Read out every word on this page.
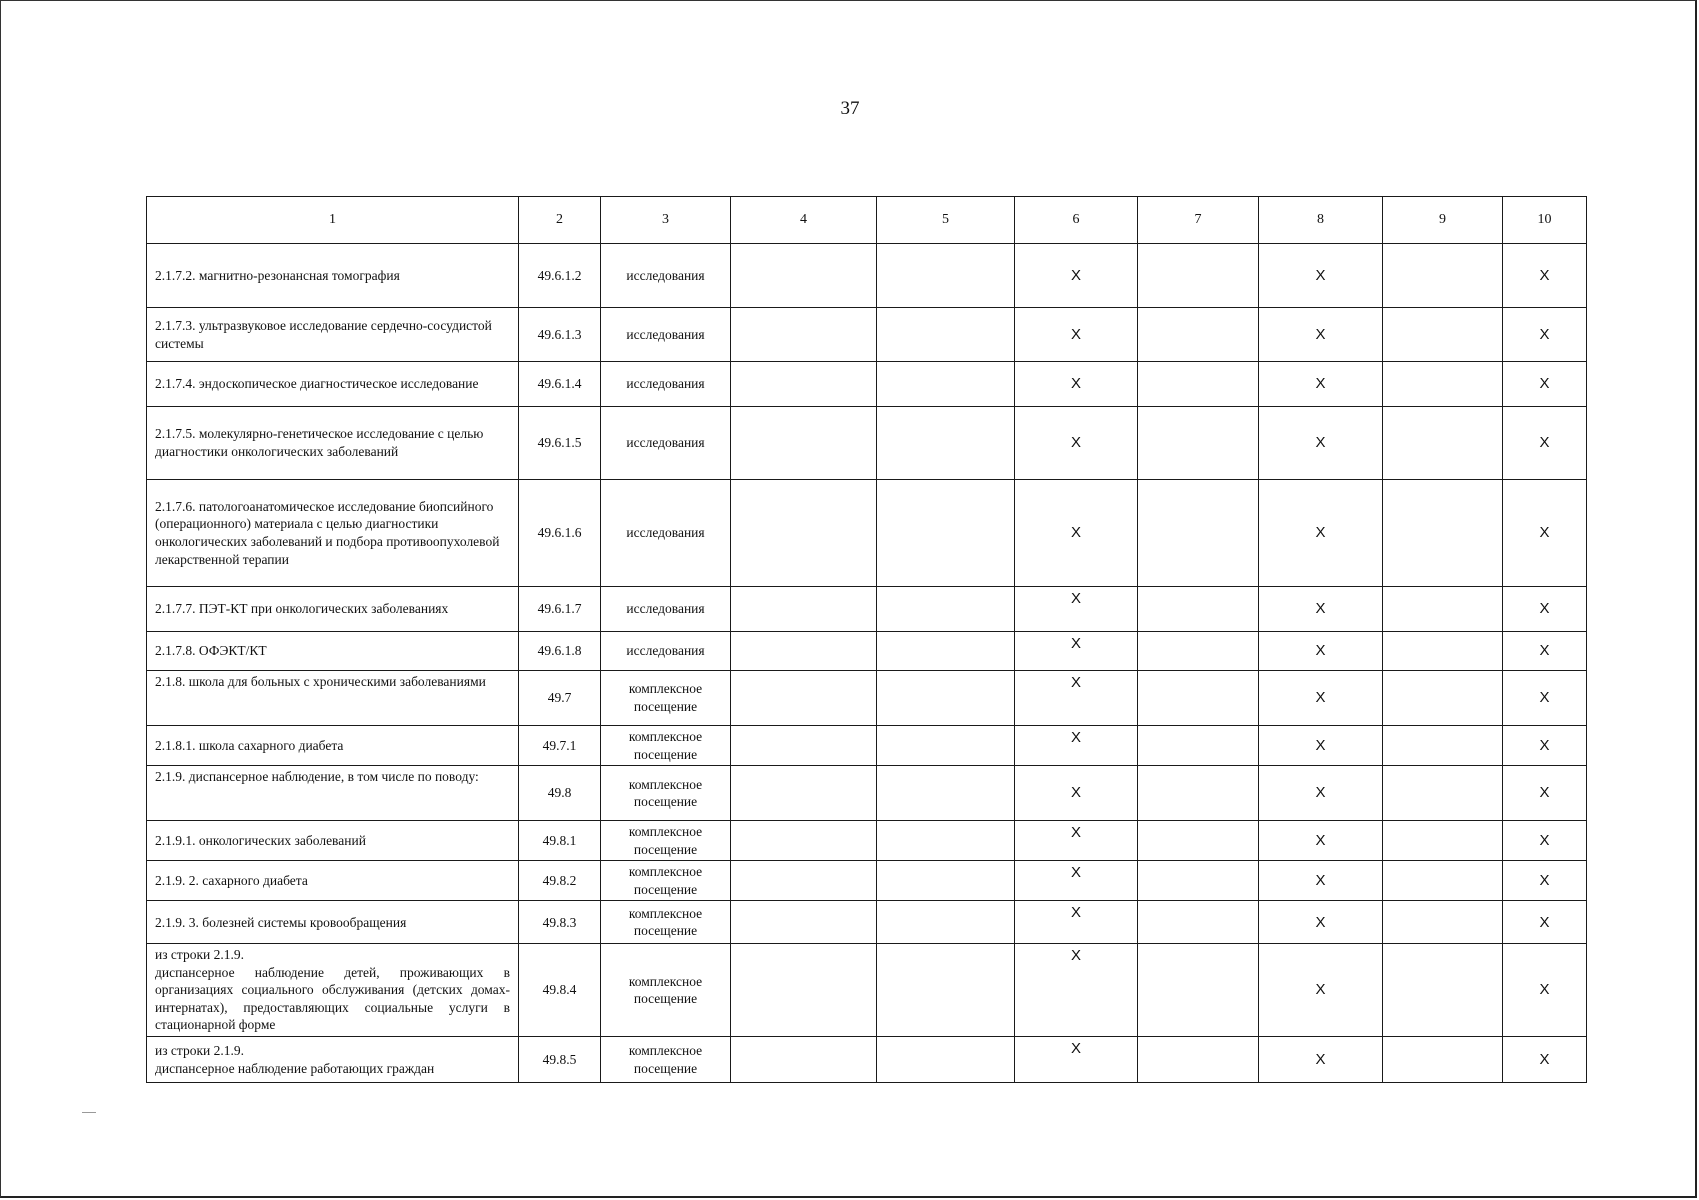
37
1	2	3	4	5	6	7	8	9	10
2.1.7.2. магнитно-резонансная томография	49.6.1.2	исследования			X		X		X
2.1.7.3. ультразвуковое исследование сердечно-сосудистой системы	49.6.1.3	исследования			X		X		X
2.1.7.4. эндоскопическое диагностическое исследование	49.6.1.4	исследования			X		X		X
2.1.7.5. молекулярно-генетическое исследование с целью диагностики онкологических заболеваний	49.6.1.5	исследования			X		X		X
2.1.7.6. патологоанатомическое исследование биопсийного (операционного) материала с целью диагностики онкологических заболеваний и подбора противоопухолевой лекарственной терапии	49.6.1.6	исследования			X		X		X
2.1.7.7. ПЭТ-КТ при онкологических заболеваниях	49.6.1.7	исследования			X		X		X
2.1.7.8. ОФЭКТ/КТ	49.6.1.8	исследования			X		X		X
2.1.8. школа для больных с хроническими заболеваниями	49.7	комплексное посещение			X		X		X
2.1.8.1. школа сахарного диабета	49.7.1	комплексное посещение			X		X		X
2.1.9. диспансерное наблюдение, в том числе по поводу:	49.8	комплексное посещение			X		X		X
2.1.9.1. онкологических заболеваний	49.8.1	комплексное посещение			X		X		X
2.1.9. 2. сахарного диабета	49.8.2	комплексное посещение			X		X		X
2.1.9. 3. болезней системы кровообращения	49.8.3	комплексное посещение			X		X		X

из строки 2.1.9.
диспансерное наблюдение детей, проживающих в организациях социального обслуживания (детских домах-интернатах), предоставляющих социальные услуги в стационарной форме	49.8.4	комплексное посещение			X		X		X

из строки 2.1.9.
диспансерное наблюдение работающих граждан	49.8.5	комплексное посещение			X		X		X
